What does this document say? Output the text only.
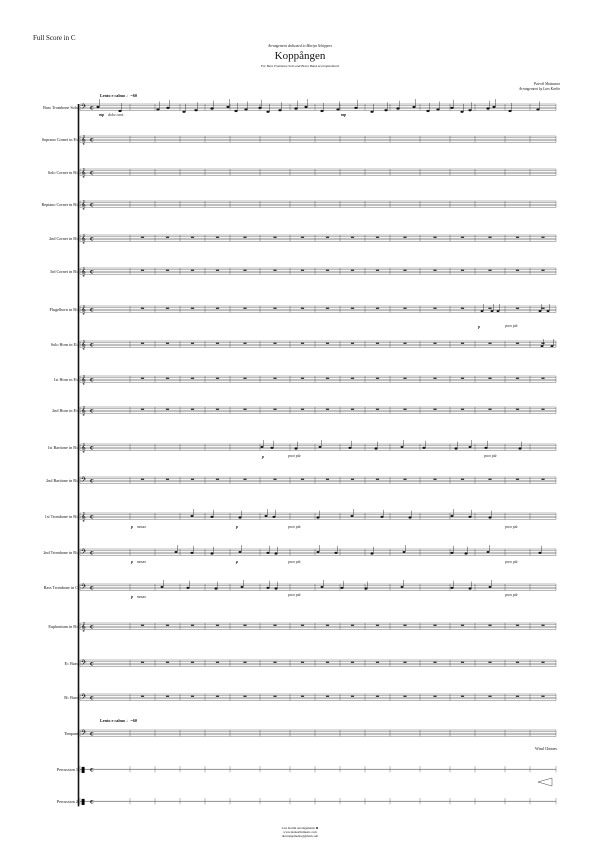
Full Score in C
Arrangement dedicated to Martyn Schippers
Koppången
For Bass Trombone Solo and Brass Band accompaniment
Peterik Mattasson
Arrangement by Lars Karlin
Lento e calmo ♩=60
Lento e calmo ♩=60
Bass Trombone Solo
Soprano Cornet in E♭
Solo Cornet in B♭
Repiano Cornet in B♭
2nd Cornet in B♭
3rd Cornet in B♭
Flugelhorn in B♭
Solo Horn in E♭
1st Horn in E♭
2nd Horn in E♭
1st Baritone in B♭
2nd Baritone in B♭
1st Trombone in B♭
2nd Trombone in B♭
Bass Trombone in C
Euphonium in B♭
E♭ Bass
B♭ Bass
Timpani
Percussion 1
Percussion 2
𝄢 c
𝄞 c
𝄞 c
𝄞 c
𝄞 c
𝄞 c
𝄞 c
𝄞 c
𝄞 c
𝄞 c
𝄞 c
𝄢 c
𝄞 c
𝄢 c
𝄢 c
𝄞 c
𝄢 c
𝄢 c
𝄢 c
▮ c
▮ c
mp dolce cant.	mp
p	poco più
p	poco più	poco più
p mosso	p	poco più	poco più
p mosso	p	poco più	poco più
p mosso	poco più	poco più
Wind Chimes
Lars Karlin Arrangements ⊠
www.larskarlinmusic.com
lkarrangements@gmail.com
